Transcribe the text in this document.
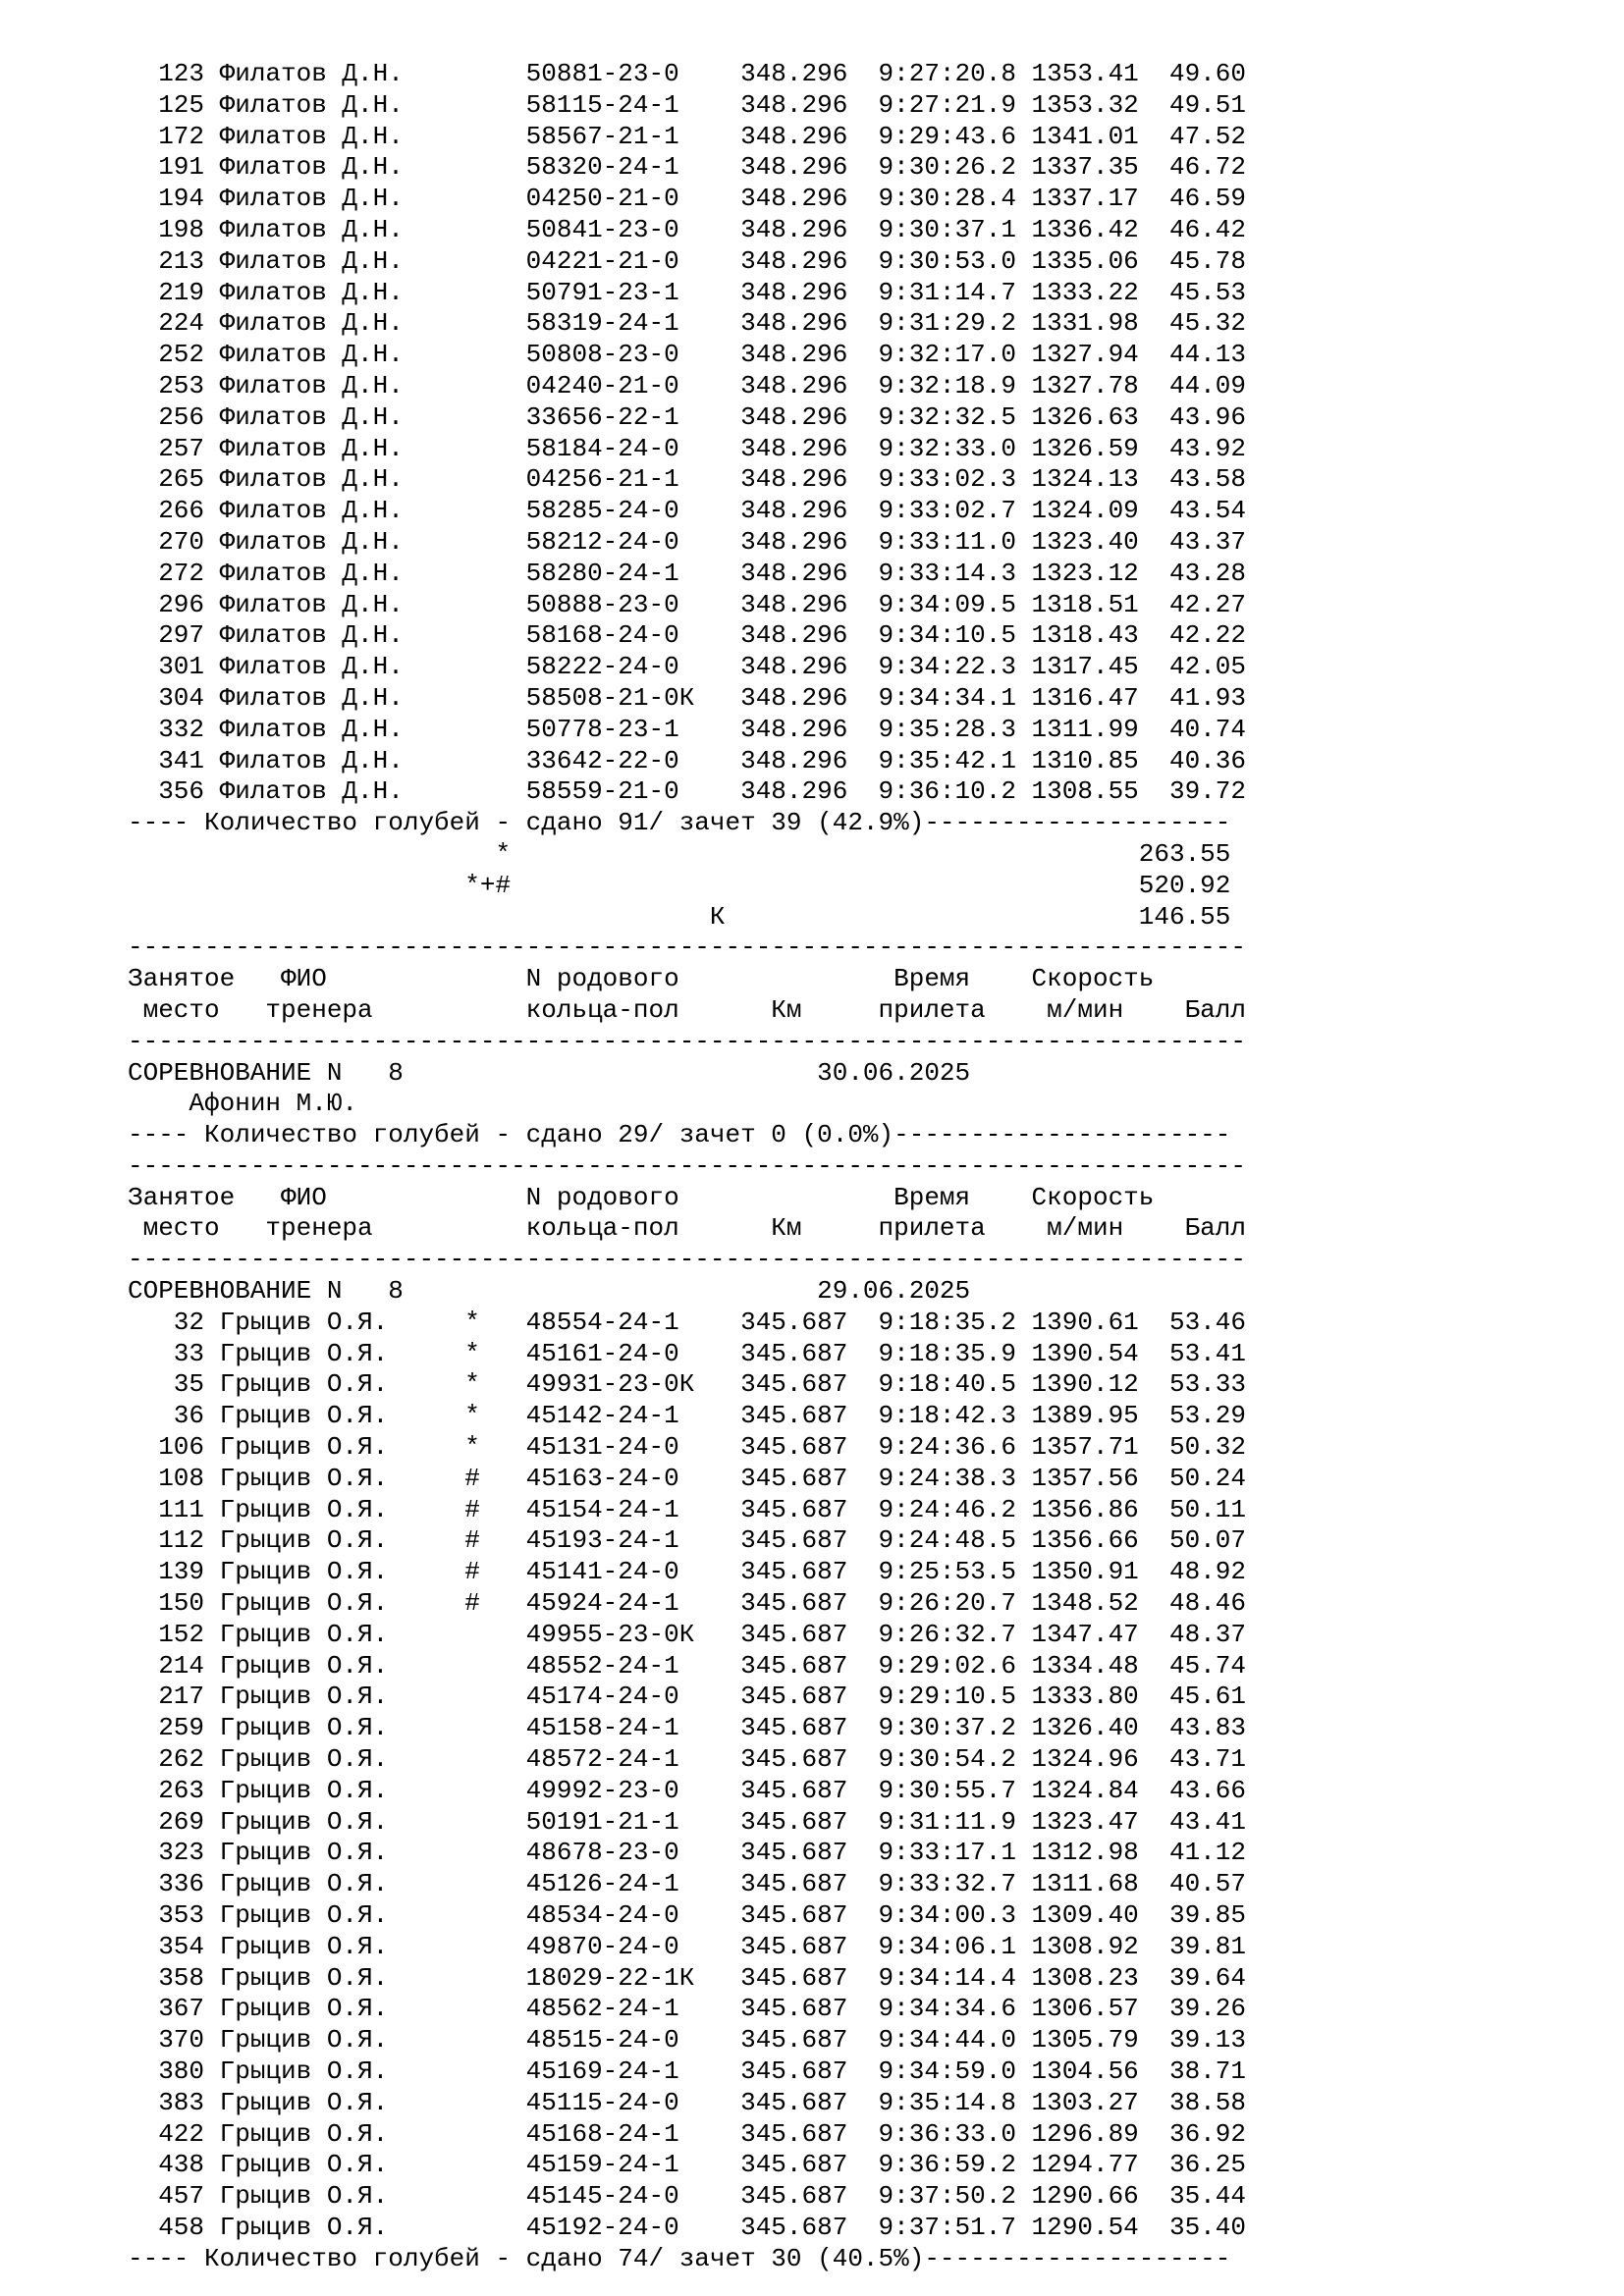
123 Филатов Д.Н.        50881-23-0    348.296  9:27:20.8 1353.41  49.60
125 Филатов Д.Н.        58115-24-1    348.296  9:27:21.9 1353.32  49.51
172 Филатов Д.Н.        58567-21-1    348.296  9:29:43.6 1341.01  47.52
191 Филатов Д.Н.        58320-24-1    348.296  9:30:26.2 1337.35  46.72
194 Филатов Д.Н.        04250-21-0    348.296  9:30:28.4 1337.17  46.59
198 Филатов Д.Н.        50841-23-0    348.296  9:30:37.1 1336.42  46.42
213 Филатов Д.Н.        04221-21-0    348.296  9:30:53.0 1335.06  45.78
219 Филатов Д.Н.        50791-23-1    348.296  9:31:14.7 1333.22  45.53
224 Филатов Д.Н.        58319-24-1    348.296  9:31:29.2 1331.98  45.32
252 Филатов Д.Н.        50808-23-0    348.296  9:32:17.0 1327.94  44.13
253 Филатов Д.Н.        04240-21-0    348.296  9:32:18.9 1327.78  44.09
256 Филатов Д.Н.        33656-22-1    348.296  9:32:32.5 1326.63  43.96
257 Филатов Д.Н.        58184-24-0    348.296  9:32:33.0 1326.59  43.92
265 Филатов Д.Н.        04256-21-1    348.296  9:33:02.3 1324.13  43.58
266 Филатов Д.Н.        58285-24-0    348.296  9:33:02.7 1324.09  43.54
270 Филатов Д.Н.        58212-24-0    348.296  9:33:11.0 1323.40  43.37
272 Филатов Д.Н.        58280-24-1    348.296  9:33:14.3 1323.12  43.28
296 Филатов Д.Н.        50888-23-0    348.296  9:34:09.5 1318.51  42.27
297 Филатов Д.Н.        58168-24-0    348.296  9:34:10.5 1318.43  42.22
301 Филатов Д.Н.        58222-24-0    348.296  9:34:22.3 1317.45  42.05
304 Филатов Д.Н.        58508-21-0К   348.296  9:34:34.1 1316.47  41.93
332 Филатов Д.Н.        50778-23-1    348.296  9:35:28.3 1311.99  40.74
341 Филатов Д.Н.        33642-22-0    348.296  9:35:42.1 1310.85  40.36
356 Филатов Д.Н.        58559-21-0    348.296  9:36:10.2 1308.55  39.72
---- Количество голубей - сдано 91/ зачет 39 (42.9%)--------------------
*                                         263.55
*+#                                         520.92
К                           146.55
-------------------------------------------------------------------------
Занятое   ФИО             N родового              Время    Скорость
место   тренера          кольца-пол      Км     прилета    м/мин    Балл
-------------------------------------------------------------------------
СОРЕВНОВАНИЕ N   8                           30.06.2025
Афонин М.Ю.
---- Количество голубей - сдано 29/ зачет 0 (0.0%)----------------------
-------------------------------------------------------------------------
Занятое   ФИО             N родового              Время    Скорость
место   тренера          кольца-пол      Км     прилета    м/мин    Балл
-------------------------------------------------------------------------
СОРЕВНОВАНИЕ N   8                           29.06.2025
32 Грыцив О.Я.     *   48554-24-1    345.687  9:18:35.2 1390.61  53.46
33 Грыцив О.Я.     *   45161-24-0    345.687  9:18:35.9 1390.54  53.41
35 Грыцив О.Я.     *   49931-23-0К   345.687  9:18:40.5 1390.12  53.33
36 Грыцив О.Я.     *   45142-24-1    345.687  9:18:42.3 1389.95  53.29
106 Грыцив О.Я.     *   45131-24-0    345.687  9:24:36.6 1357.71  50.32
108 Грыцив О.Я.     #   45163-24-0    345.687  9:24:38.3 1357.56  50.24
111 Грыцив О.Я.     #   45154-24-1    345.687  9:24:46.2 1356.86  50.11
112 Грыцив О.Я.     #   45193-24-1    345.687  9:24:48.5 1356.66  50.07
139 Грыцив О.Я.     #   45141-24-0    345.687  9:25:53.5 1350.91  48.92
150 Грыцив О.Я.     #   45924-24-1    345.687  9:26:20.7 1348.52  48.46
152 Грыцив О.Я.         49955-23-0К   345.687  9:26:32.7 1347.47  48.37
214 Грыцив О.Я.         48552-24-1    345.687  9:29:02.6 1334.48  45.74
217 Грыцив О.Я.         45174-24-0    345.687  9:29:10.5 1333.80  45.61
259 Грыцив О.Я.         45158-24-1    345.687  9:30:37.2 1326.40  43.83
262 Грыцив О.Я.         48572-24-1    345.687  9:30:54.2 1324.96  43.71
263 Грыцив О.Я.         49992-23-0    345.687  9:30:55.7 1324.84  43.66
269 Грыцив О.Я.         50191-21-1    345.687  9:31:11.9 1323.47  43.41
323 Грыцив О.Я.         48678-23-0    345.687  9:33:17.1 1312.98  41.12
336 Грыцив О.Я.         45126-24-1    345.687  9:33:32.7 1311.68  40.57
353 Грыцив О.Я.         48534-24-0    345.687  9:34:00.3 1309.40  39.85
354 Грыцив О.Я.         49870-24-0    345.687  9:34:06.1 1308.92  39.81
358 Грыцив О.Я.         18029-22-1К   345.687  9:34:14.4 1308.23  39.64
367 Грыцив О.Я.         48562-24-1    345.687  9:34:34.6 1306.57  39.26
370 Грыцив О.Я.         48515-24-0    345.687  9:34:44.0 1305.79  39.13
380 Грыцив О.Я.         45169-24-1    345.687  9:34:59.0 1304.56  38.71
383 Грыцив О.Я.         45115-24-0    345.687  9:35:14.8 1303.27  38.58
422 Грыцив О.Я.         45168-24-1    345.687  9:36:33.0 1296.89  36.92
438 Грыцив О.Я.         45159-24-1    345.687  9:36:59.2 1294.77  36.25
457 Грыцив О.Я.         45145-24-0    345.687  9:37:50.2 1290.66  35.44
458 Грыцив О.Я.         45192-24-0    345.687  9:37:51.7 1290.54  35.40
---- Количество голубей - сдано 74/ зачет 30 (40.5%)--------------------
